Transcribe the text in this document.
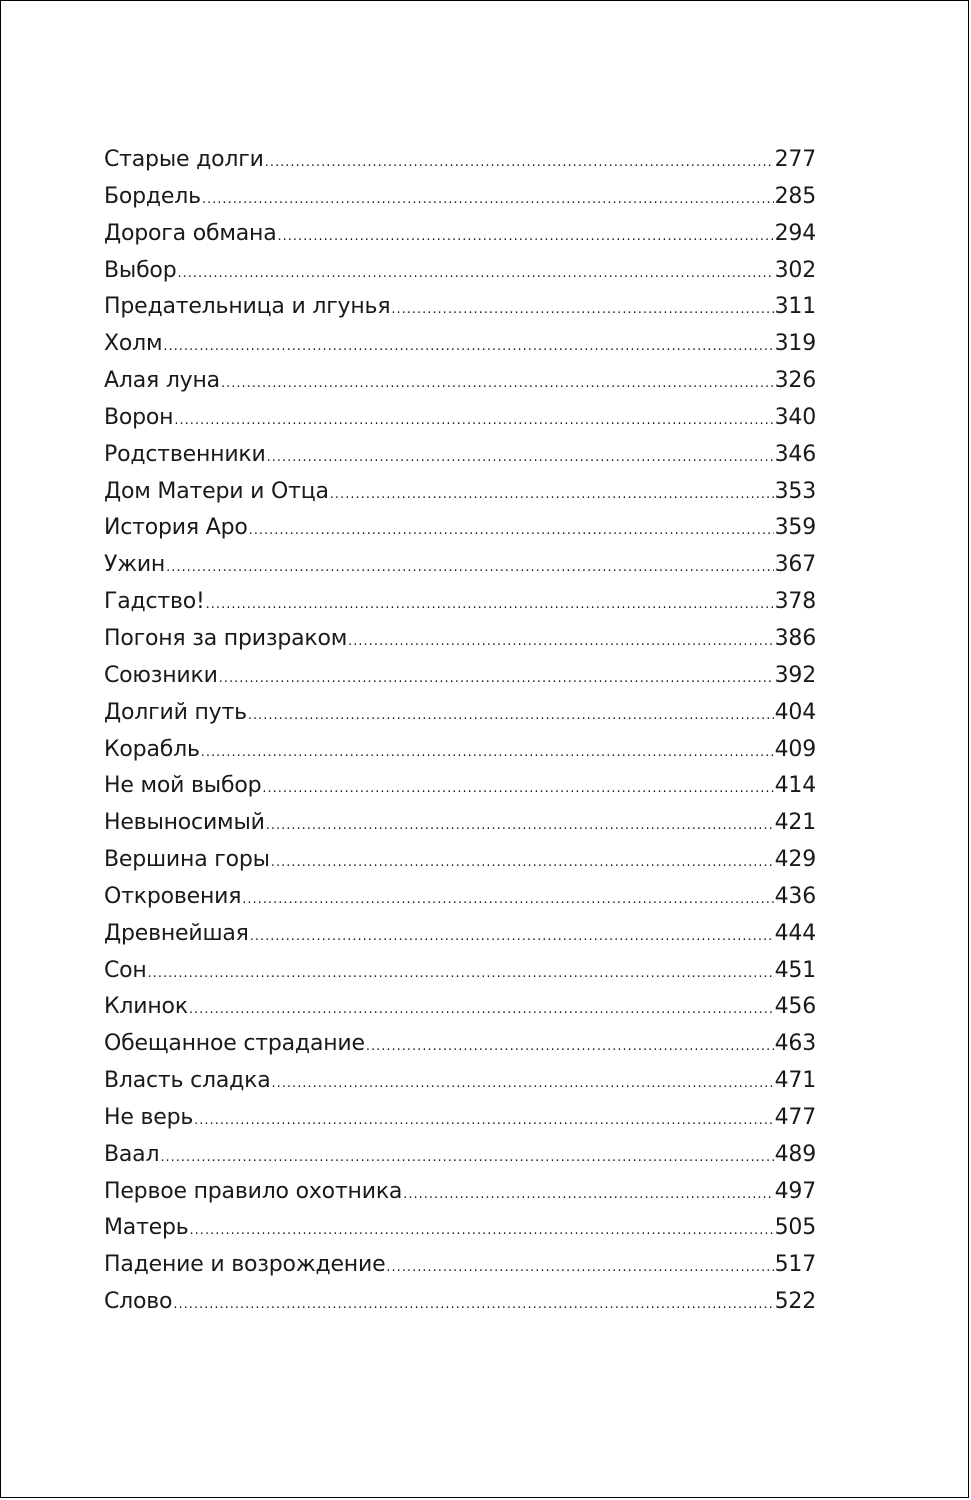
Старые долги .....	277
Бордель .....	285
Дорога обмана .....	294
Выбор .....	302
Предательница и лгунья .....	311
Холм .....	319
Алая луна .....	326
Ворон .....	340
Родственники .....	346
Дом Матери и Отца .....	353
История Аро .....	359
Ужин .....	367
Гадство! .....	378
Погоня за призраком .....	386
Союзники .....	392
Долгий путь .....	404
Корабль .....	409
Не мой выбор .....	414
Невыносимый .....	421
Вершина горы .....	429
Откровения .....	436
Древнейшая .....	444
Сон .....	451
Клинок .....	456
Обещанное страдание .....	463
Власть сладка .....	471
Не верь .....	477
Ваал .....	489
Первое правило охотника .....	497
Матерь .....	505
Падение и возрождение .....	517
Слово .....	522
